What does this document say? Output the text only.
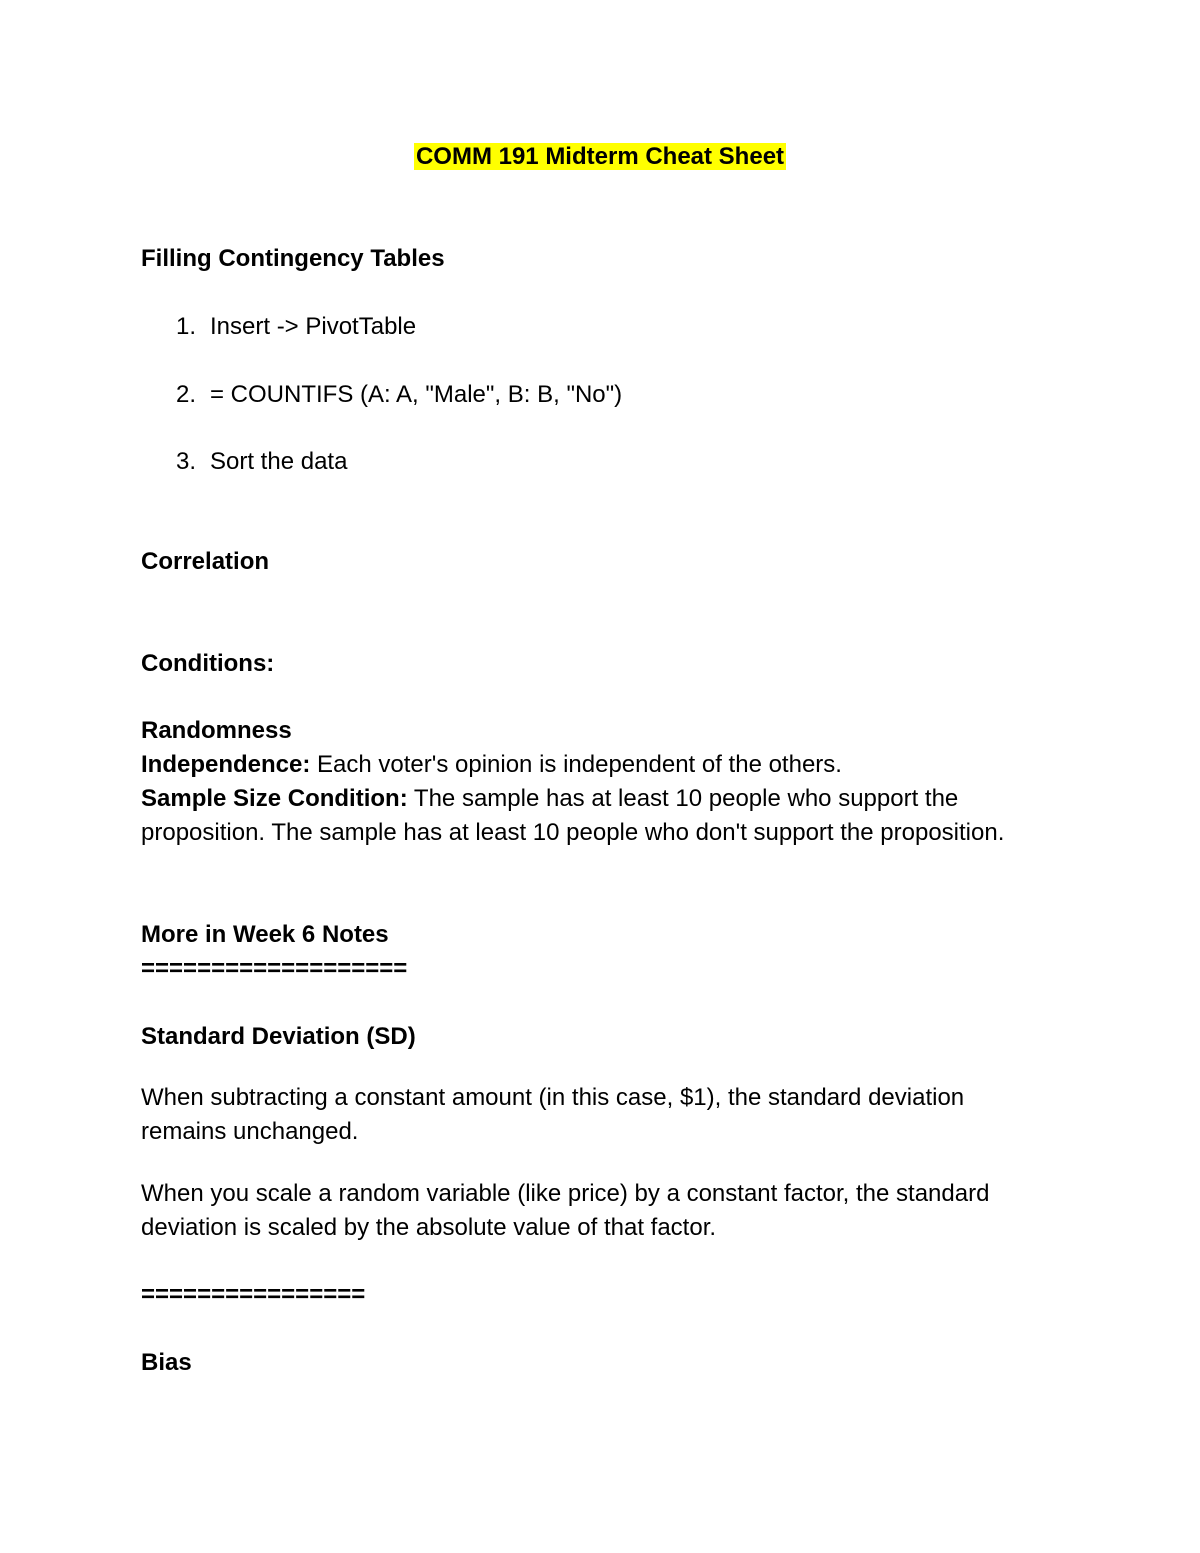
COMM 191 Midterm Cheat Sheet
Filling Contingency Tables
1. Insert -> PivotTable
2. = COUNTIFS (A: A, "Male", B: B, "No")
3. Sort the data
Correlation
Conditions:
Randomness
Independence: Each voter's opinion is independent of the others.
Sample Size Condition: The sample has at least 10 people who support the
proposition. The sample has at least 10 people who don't support the proposition.
More in Week 6 Notes
===================
Standard Deviation (SD)
When subtracting a constant amount (in this case, $1), the standard deviation
remains unchanged.
When you scale a random variable (like price) by a constant factor, the standard
deviation is scaled by the absolute value of that factor.
================
Bias
